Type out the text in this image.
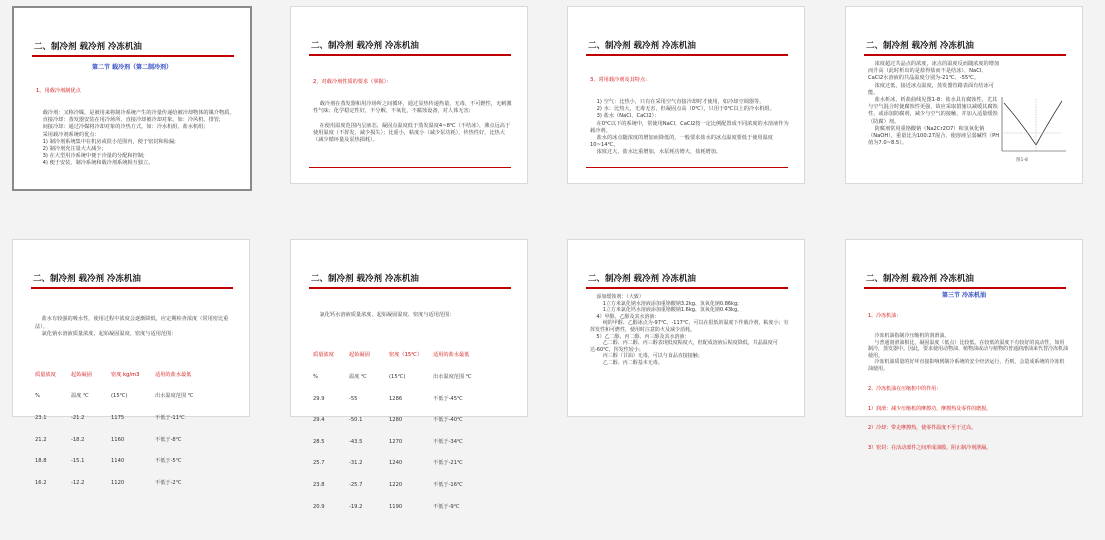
二、制冷剂 载冷剂 冷冻机油
第二节 载冷剂（第二制冷剂）

1、用载冷剂制优点

载冷剂：又称冷媒，是被用来将制冷系统产生的冷量传递给被冷却物体的媒介物质。
直接冷却：蒸发器安装在用冷场所，直接冷却被冷却对象。如：冷风机、排管;
间接冷却：通过冷媒将冷却对象的冷热方式。如：冷水机组、盐水机组;
采用载冷剂系统的优点：
1) 制冷剂系统集中在机房或很小范围内，便于密封和检漏;
2) 制冷剂充注量大大减少;
3) 在大型用冷系统中便于冷量的分配和控制;
4) 便于安装，制冷系统和载冷剂系统相互独立。

二、制冷剂 载冷剂 冷冻机油

2、对载冷剂性质的要求（掌握）：

载冷剂在蒸发器和用冷场所之间循环，通过显热传递热量，无毒，不可燃性，无刺激性气味；化学稳定性好，不分解，不氧化，不腐蚀设备，对人体无害;

在使用温度范围内呈液态，凝固点温度低于蒸发温度4~8℃（不结冰），沸点远高于使用温度（不挥发，减少损失）；比重小，粘度小（减少泵功耗），传热性好，比热大（减少循环量及泵热损耗）。

二、制冷剂 载冷剂 冷冻机油

3、常用载冷剂及其特点：

1) 空气：比热小，只有在采用空气直接冷却时才使用，如冷却空调器等。
2) 水：比热大，无毒无害，但凝固点高（0℃），只用于0℃以上的冷水机组。
3) 盐水（NaCl、CaCl2）：
在0℃以下的系统中，常使用NaCl、CaCl2按一定比例配置成不同浓度的水溶液作为载冷剂。
盐水的冰点随浓度的增加而降低的，一般要求盐水的冰点温度要低于使用温度10~14℃。
浓度过大，盐水比重增加，水泵耗功增大，盐耗增加。

二、制冷剂 载冷剂 冷冻机油
浓度超过共晶点的浓度，冰点的温度反而随浓度的增加而升高（此时析出的是盐得盐而不是结冰），NaCl、CaCl2水溶液的共晶温度分别为-21℃、-55℃。
浓度过低，接近冰点温度，蒸发器管路表面有结冰可能。
盐水析冰、析盐曲线见图1-8：盐水具有腐蚀性，尤其与空气混合时使腐蚀性更强，故应采取措施以减缓其腐蚀性，或添加防腐剂，减少与空气的接触，并加入适量缓蚀（防腐）剂。
防腐剂常用重铬酸钠（Na2Cr2O7）和氢氧化钠（NaOH），重量比为100:27混合，使溶液呈弱碱性（PH值为7.0~8.5）。
图1-8
二、制冷剂 载冷剂 冷冻机油

盐水有较强的吸水性，使用过程中浓度会逐渐降低，应定期检查浓度（常用密比重法）。
氯化钠水溶液质量浓度、起始凝固温度、密度与适用范围：

质量浓度	起始凝固	密度 kg/m3	适用的盐水最低

%	温度 ℃	(15℃)	出水温度范围 ℃

23.1	-21.2	1175	不低于-11℃

21.2	-18.2	1160	不低于-8℃

18.8	-15.1	1140	不低于-5℃

16.2	-12.2	1120	不低于-2℃

二、制冷剂 载冷剂 冷冻机油

氯化钙水溶液质量浓度、起始凝固温度、密度与适用范围：

质量浓度	起始凝固	密度（15℃）	适用的盐水最低

%	温度 ℃	(15℃)	出水温度范围 ℃

29.9	-55	1286	不低于-45℃

29.4	-50.1	1280	不低于-40℃

28.5	-43.5	1270	不低于-34℃

25.7	-31.2	1240	不低于-21℃

23.8	-25.7	1220	不低于-16℃

20.9	-19.2	1190	不低于-9℃

二、制冷剂 载冷剂 冷冻机油
添加缓蚀剂：（大致）
1立方米氯化钠水溶液添加重铬酸钠3.2kg、氢氧化钠0.86kg;
1立方米氯化钙水溶液添加重铬酸钠1.6kg、氢氧化钠0.43kg。
4）甲醇、乙醇及其水溶液：
纯的甲醇、乙醇冰点为-97℃、-117℃，可以在很低的温度下作载冷剂，粘度小；有挥发性和可燃性，使用时注意防火及减少消耗。
5）乙二醇、丙二醇、丙三醇及其水溶液：
乙二醇、丙二醇、丙三醇表现低度粘度大，但配成溶液后粘度降低，共晶温度可达-60℃，挥发性较小；
丙三醇（甘油）无毒，可以与食品直接接触；
乙二醇、丙二醇基本无毒。
二、制冷剂 载冷剂 冷冻机油
第三节 冷冻机油

1、冷冻机油：

冷冻机油指制冷压缩机的润滑油。
与普通润滑油相比，凝固温度（低点）比较低。在较低的温度下有较好的流动性，如用制冷，蒸发器中。因此，要求使用动物油、植物油或动与植物的普通润滑油来代替冷冻机油使用。
冷冻机油质量的好坏直接影响到制冷系统的安全经济运行，否则，会造成系统的冷冻机油使用。

2、冷冻机油在压缩机中的作用：

1）润滑：减少压缩机的摩擦功，摩擦热及零件的磨损。

2）冷却：带走摩擦热，使零件温度不至于过高。

3）密封：在活动部件之间形成油膜，阻止制冷剂泄漏。
